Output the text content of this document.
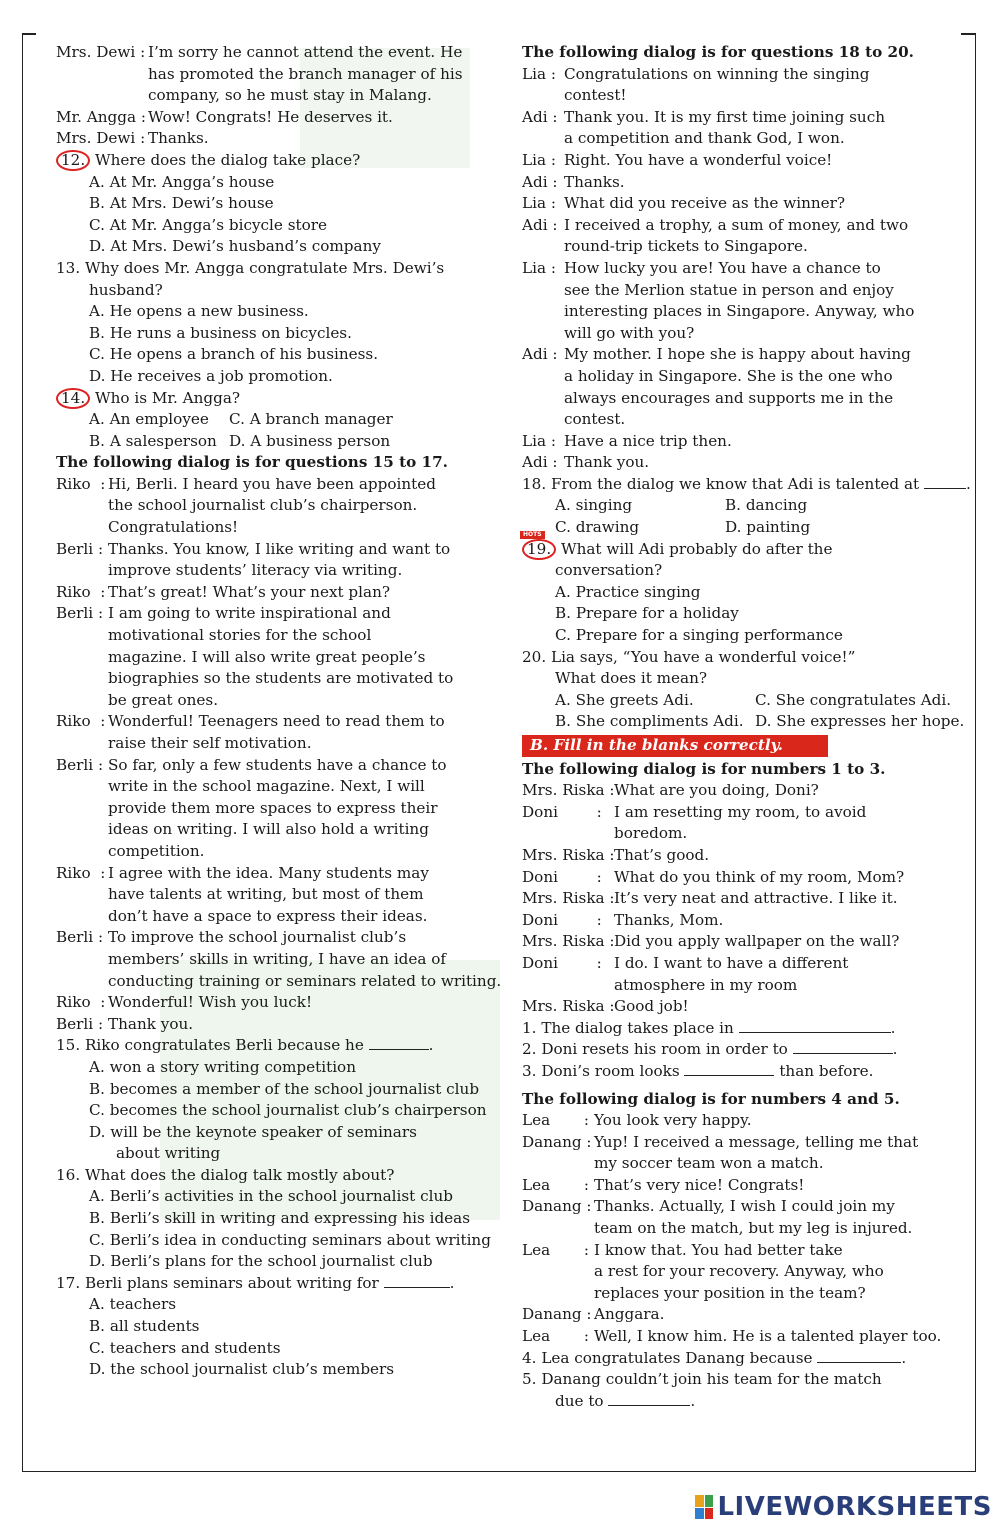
Mrs. Dewi : I’m sorry he cannot attend the event. He
has promoted the branch manager of his
company, so he must stay in Malang.
Mr. Angga : Wow! Congrats! He deserves it.
Mrs. Dewi : Thanks.
12. Where does the dialog take place?
A. At Mr. Angga’s house
B. At Mrs. Dewi’s house
C. At Mr. Angga’s bicycle store
D. At Mrs. Dewi’s husband’s company
13. Why does Mr. Angga congratulate Mrs. Dewi’s
husband?
A. He opens a new business.
B. He runs a business on bicycles.
C. He opens a branch of his business.
D. He receives a job promotion.
14. Who is Mr. Angga?
A. An employee	C. A branch manager
B. A salesperson D. A business person
The following dialog is for questions 15 to 17.
Riko  : Hi, Berli. I heard you have been appointed
the school journalist club’s chairperson.
Congratulations!
Berli : Thanks. You know, I like writing and want to
improve students’ literacy via writing.
Riko  : That’s great! What’s your next plan?
Berli : I am going to write inspirational and
motivational stories for the school
magazine. I will also write great people’s
biographies so the students are motivated to
be great ones.
Riko  : Wonderful! Teenagers need to read them to
raise their self motivation.
Berli : So far, only a few students have a chance to
write in the school magazine. Next, I will
provide them more spaces to express their
ideas on writing. I will also hold a writing
competition.
Riko  : I agree with the idea. Many students may
have talents at writing, but most of them
don’t have a space to express their ideas.
Berli : To improve the school journalist club’s
members’ skills in writing, I have an idea of
conducting training or seminars related to writing.
Riko  : Wonderful! Wish you luck!
Berli : Thank you.
15. Riko congratulates Berli because he	.
A. won a story writing competition
B. becomes a member of the school journalist club
C. becomes the school journalist club’s chairperson
D. will be the keynote speaker of seminars
about writing
16. What does the dialog talk mostly about?
A. Berli’s activities in the school journalist club
B. Berli’s skill in writing and expressing his ideas
C. Berli’s idea in conducting seminars about writing
D. Berli’s plans for the school journalist club
17. Berli plans seminars about writing for	.
A. teachers
B. all students
C. teachers and students
D. the school journalist club’s members
The following dialog is for questions 18 to 20.
Lia : Congratulations on winning the singing
contest!
Adi : Thank you. It is my first time joining such
a competition and thank God, I won.
Lia : Right. You have a wonderful voice!
Adi : Thanks.
Lia : What did you receive as the winner?
Adi : I received a trophy, a sum of money, and two
round-trip tickets to Singapore.
Lia : How lucky you are! You have a chance to
see the Merlion statue in person and enjoy
interesting places in Singapore. Anyway, who
will go with you?
Adi : My mother. I hope she is happy about having
a holiday in Singapore. She is the one who
always encourages and supports me in the
contest.
Lia : Have a nice trip then.
Adi : Thank you.
18. From the dialog we know that Adi is talented at	.
A. singing	B. dancing
C. drawing	D. painting
HOTS
19. What will Adi probably do after the
conversation?
A. Practice singing
B. Prepare for a holiday
C. Prepare for a singing performance
20. Lia says, “You have a wonderful voice!”
What does it mean?
A. She greets Adi.	C. She congratulates Adi.
B. She compliments Adi. D. She expresses her hope.
B. Fill in the blanks correctly.
The following dialog is for numbers 1 to 3.
Mrs. Riska :What are you doing, Doni?
Doni        : I am resetting my room, to avoid
boredom.
Mrs. Riska :That’s good.
Doni        : What do you think of my room, Mom?
Mrs. Riska :It’s very neat and attractive. I like it.
Doni        : Thanks, Mom.
Mrs. Riska :Did you apply wallpaper on the wall?
Doni        : I do. I want to have a different
atmosphere in my room
Mrs. Riska :Good job!
1. The dialog takes place in	.
2. Doni resets his room in order to	.
3. Doni’s room looks	than before.
The following dialog is for numbers 4 and 5.
Lea       : You look very happy.
Danang : Yup! I received a message, telling me that
my soccer team won a match.
Lea       : That’s very nice! Congrats!
Danang : Thanks. Actually, I wish I could join my
team on the match, but my leg is injured.
Lea       : I know that. You had better take
a rest for your recovery. Anyway, who
replaces your position in the team?
Danang : Anggara.
Lea       : Well, I know him. He is a talented player too.
4. Lea congratulates Danang because	.
5. Danang couldn’t join his team for the match
due to	.
LIVEWORKSHEETS
